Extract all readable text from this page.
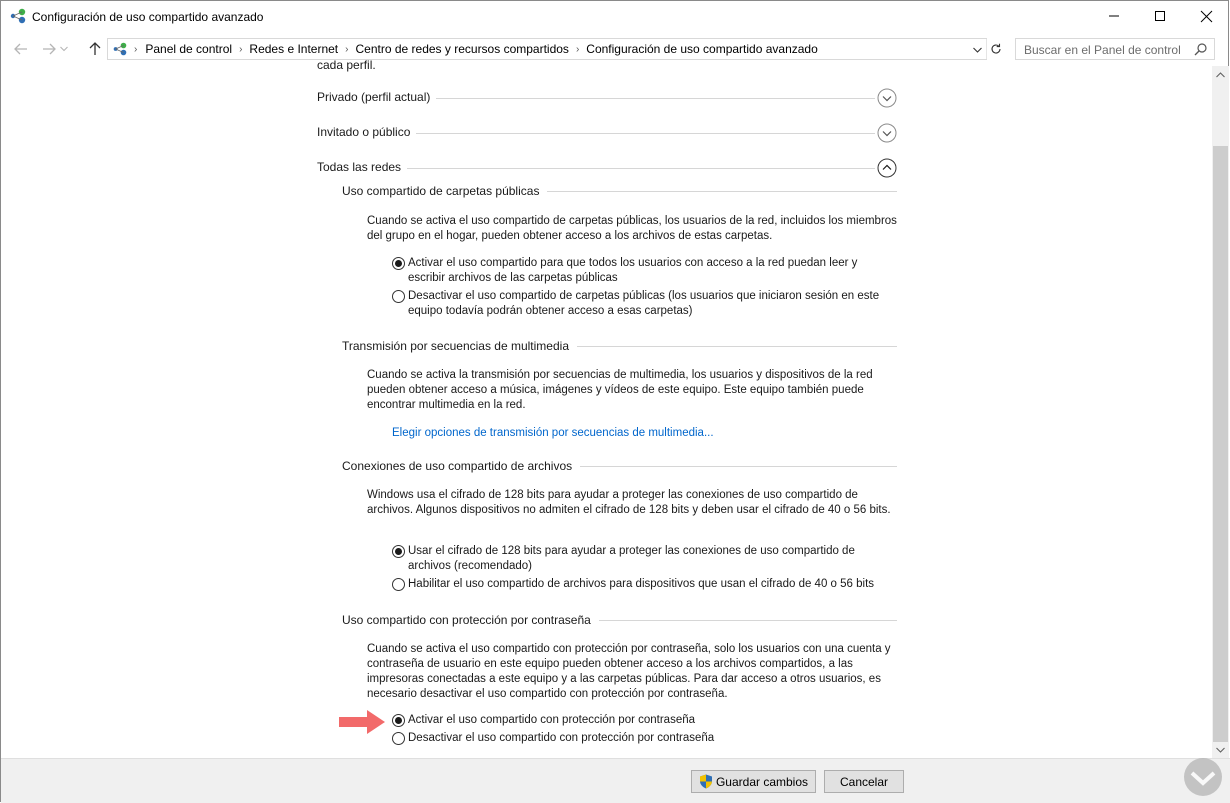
Configuración de uso compartido avanzado
› Panel de control › Redes e Internet › Centro de redes y recursos compartidos › Configuración de uso compartido avanzado	Buscar en el Panel de control
cada perfil.
Privado (perfil actual)
Invitado o público
Todas las redes
Uso compartido de carpetas públicas
Cuando se activa el uso compartido de carpetas públicas, los usuarios de la red, incluidos los miembros del grupo en el hogar, pueden obtener acceso a los archivos de estas carpetas.
Activar el uso compartido para que todos los usuarios con acceso a la red puedan leer y escribir archivos de las carpetas públicas
Desactivar el uso compartido de carpetas públicas (los usuarios que iniciaron sesión en este equipo todavía podrán obtener acceso a esas carpetas)
Transmisión por secuencias de multimedia
Cuando se activa la transmisión por secuencias de multimedia, los usuarios y dispositivos de la red pueden obtener acceso a música, imágenes y vídeos de este equipo. Este equipo también puede encontrar multimedia en la red.
Elegir opciones de transmisión por secuencias de multimedia...
Conexiones de uso compartido de archivos
Windows usa el cifrado de 128 bits para ayudar a proteger las conexiones de uso compartido de archivos. Algunos dispositivos no admiten el cifrado de 128 bits y deben usar el cifrado de 40 o 56 bits.
Usar el cifrado de 128 bits para ayudar a proteger las conexiones de uso compartido de archivos (recomendado)
Habilitar el uso compartido de archivos para dispositivos que usan el cifrado de 40 o 56 bits
Uso compartido con protección por contraseña
Cuando se activa el uso compartido con protección por contraseña, solo los usuarios con una cuenta y contraseña de usuario en este equipo pueden obtener acceso a los archivos compartidos, a las impresoras conectadas a este equipo y a las carpetas públicas. Para dar acceso a otros usuarios, es necesario desactivar el uso compartido con protección por contraseña.
Activar el uso compartido con protección por contraseña
Desactivar el uso compartido con protección por contraseña
Guardar cambios	Cancelar
